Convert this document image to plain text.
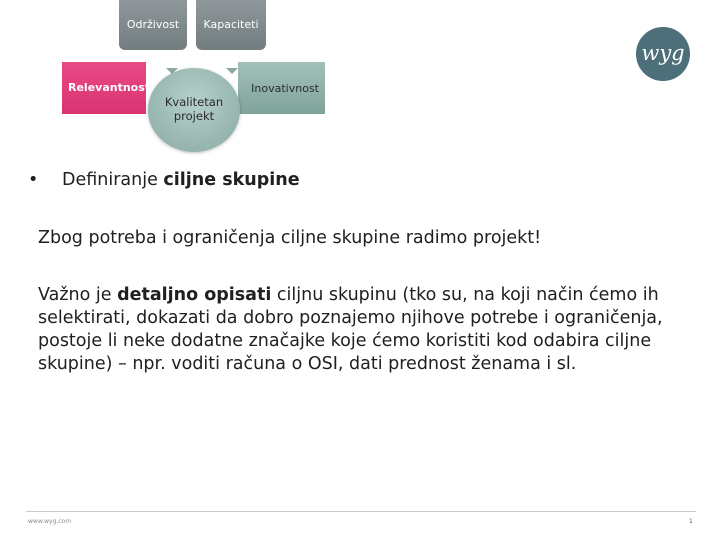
Održivost	Kapaciteti
Relevantnost	Inovativnost
Kvalitetan
projekt
wyg
• Definiranje ciljne skupine
Zbog potreba i ograničenja ciljne skupine radimo projekt!
Važno je detaljno opisati ciljnu skupinu (tko su, na koji način ćemo ih selektirati, dokazati da dobro poznajemo njihove potrebe i ograničenja, postoje li neke dodatne značajke koje ćemo koristiti kod odabira ciljne skupine) – npr. voditi računa o OSI, dati prednost ženama i sl.
www.wyg.com	1
